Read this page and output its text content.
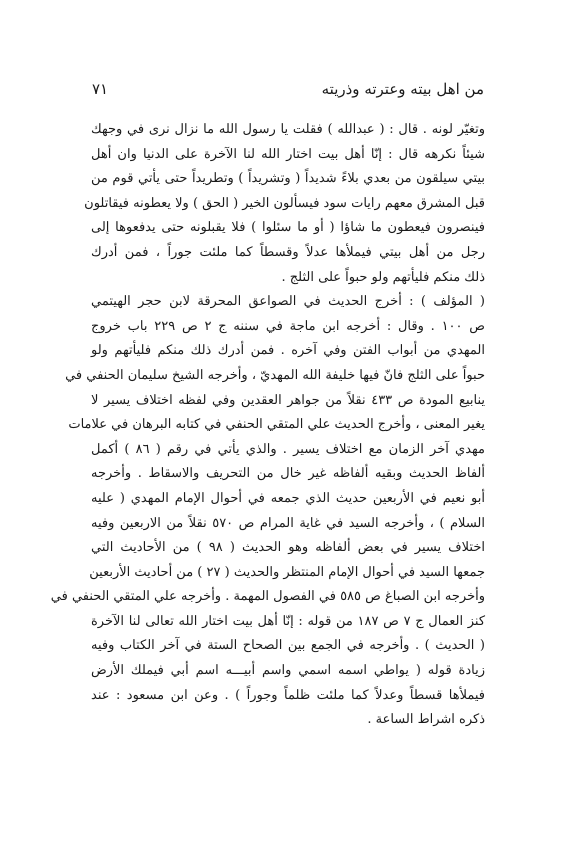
من اهل بيته وعترته وذريته
٧١
وتغيّر لونه . قال : ( عبدالله ) فقلت يا رسول الله ما نزال نرى في وجهك
شيئاً نكرهه قال : إنّا أهل بيت اختار الله لنا الآخرة على الدنيا وان أهل
بيتي سيلقون من بعدي بلاءً شديداً ( وتشريداً ) وتطريداً حتى يأتي قوم من
قبل المشرق معهم رايات سود فيسألون الخير ( الحق ) ولا يعطونه فيقاتلون
فينصرون فيعطون ما شاؤا ( أو ما سئلوا ) فلا يقبلونه حتى يدفعوها إلى
رجل من أهل بيتي فيملأها عدلاً وقسطاً كما ملئت جوراً ، فمن أدرك
ذلك منكم فليأتهم ولو حبواً على الثلج .
( المؤلف ) : أخرج الحديث في الصواعق المحرقة لابن حجر الهيتمي
ص ١٠٠ . وقال : أخرجه ابن ماجة في سننه ج ٢ ص ٢٢٩ باب خروج
المهدي من أبواب الفتن وفي آخره . فمن أدرك ذلك منكم فليأتهم ولو
حبواً على الثلج فانّ فيها خليفة الله المهديّ ، وأخرجه الشيخ سليمان الحنفي في
ينابيع المودة ص ٤٣٣ نقلاً من جواهر العقدين وفي لفظه اختلاف يسير لا
يغير المعنى ، وأخرج الحديث علي المتقي الحنفي في كتابه البرهان في علامات
مهدي آخر الزمان مع اختلاف يسير . والذي يأتي في رقم ( ٨٦ ) أكمل
ألفاظ الحديث وبقيه ألفاظه غير خال من التحريف والاسقاط . وأخرجه
أبو نعيم في الأربعين حديث الذي جمعه في أحوال الإمام المهدي ( عليه
السلام ) ، وأخرجه السيد في غاية المرام ص ٥٧٠ نقلاً من الاربعين وفيه
اختلاف يسير في بعض ألفاظه وهو الحديث ( ٩٨ ) من الأحاديث التي
جمعها السيد في أحوال الإمام المنتظر والحديث ( ٢٧ ) من أحاديث الأربعين
وأخرجه ابن الصباغ ص ٥٨٥ في الفصول المهمة . وأخرجه علي المتقي الحنفي في
كنز العمال ج ٧ ص ١٨٧ من قوله : إنّا أهل بيت اختار الله تعالى لنا الآخرة
( الحديث ) . وأخرجه في الجمع بين الصحاح الستة في آخر الكتاب وفيه
زيادة قوله ( يواطي اسمه اسمي واسم أبيـــه اسم أبي فيملك الأرض
فيملأها قسطاً وعدلاً كما ملئت ظلماً وجوراً ) . وعن ابن مسعود : عند
ذكره اشراط الساعة .
